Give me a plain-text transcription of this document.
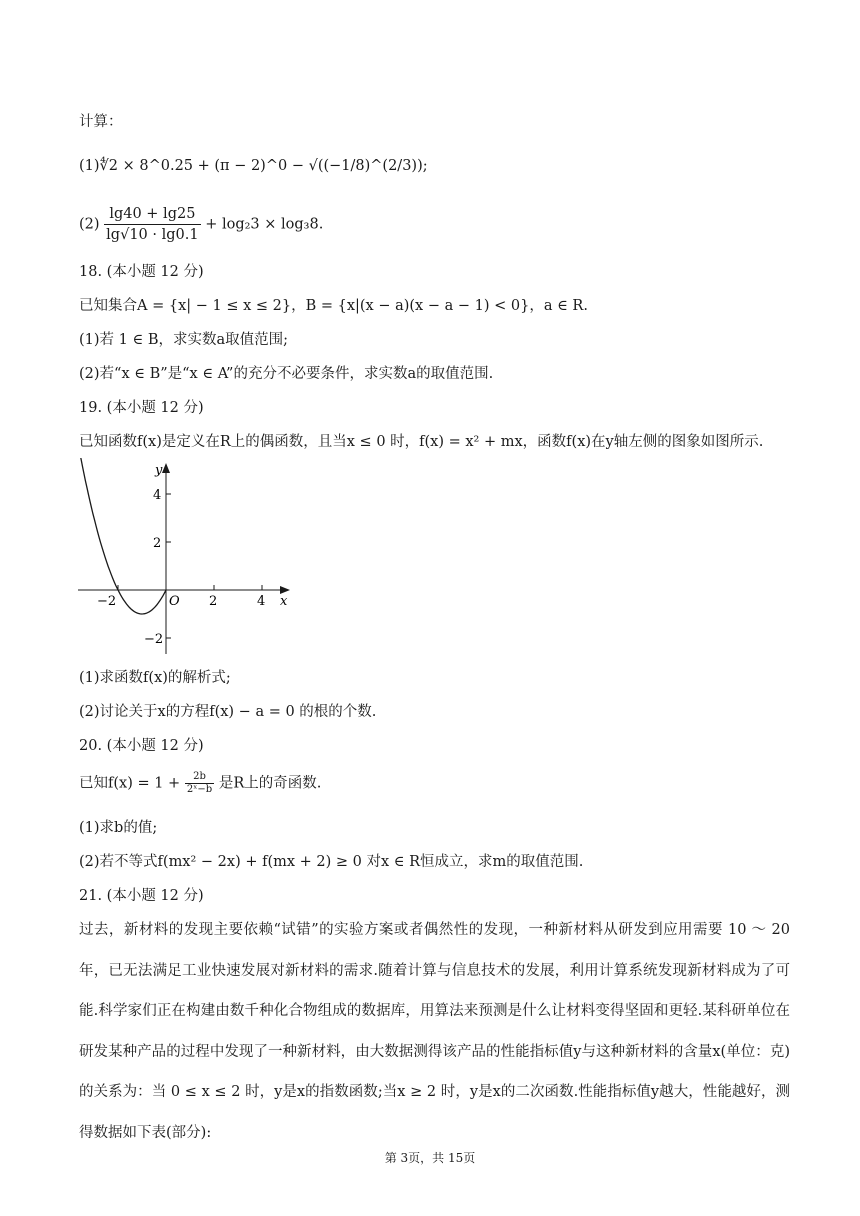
计算：
(1)∜2 × 8^0.25 + (π − 2)^0 − √((−1/8)^(2/3));
$(2) \frac{\lg 40 + \lg 25}{\lg√10 \cdot \lg 0.1} + \log_23 \times \log_38$.
18. (本小题 12 分)
已知集合A = {x| − 1 ≤ x ≤ 2}，B = {x|(x − a)(x − a − 1) < 0}，a ∈ R.
(1)若 1 ∈ B，求实数a取值范围;
(2)若“x ∈ B”是“x ∈ A”的充分不必要条件，求实数a的取值范围.
19. (本小题 12 分)
已知函数f(x)是定义在R上的偶函数，且当x ≤ 0 时，f(x) = x² + mx，函数f(x)在y轴左侧的图象如图所示.
y
x
O
−2	2	4
4
2
−2
(1)求函数f(x)的解析式;
(2)讨论关于x的方程f(x) − a = 0 的根的个数.
20. (本小题 12 分)
已知$f(x) = 1 + \frac{2b}{\text{2ˣ−b}}$ 是R上的奇函数.
(1)求b的值;
(2)若不等式f(mx² − 2x) + f(mx + 2) ≥ 0 对x ∈ R恒成立，求m的取值范围.
21. (本小题 12 分)
过去，新材料的发现主要依赖“试错”的实验方案或者偶然性的发现，一种新材料从研发到应用需要 10 ～ 20 年，已无法满足工业快速发展对新材料的需求.随着计算与信息技术的发展，利用计算系统发现新材料成为了可能.科学家们正在构建由数千种化合物组成的数据库，用算法来预测是什么让材料变得坚固和更轻.某科研单位在研发某种产品的过程中发现了一种新材料，由大数据测得该产品的性能指标值y与这种新材料的含量x(单位：克)的关系为：当 0 ≤ x ≤ 2 时，y是x的指数函数;当x ≥ 2 时，y是x的二次函数.性能指标值y越大，性能越好，测得数据如下表(部分):
第 3页，共 15页
